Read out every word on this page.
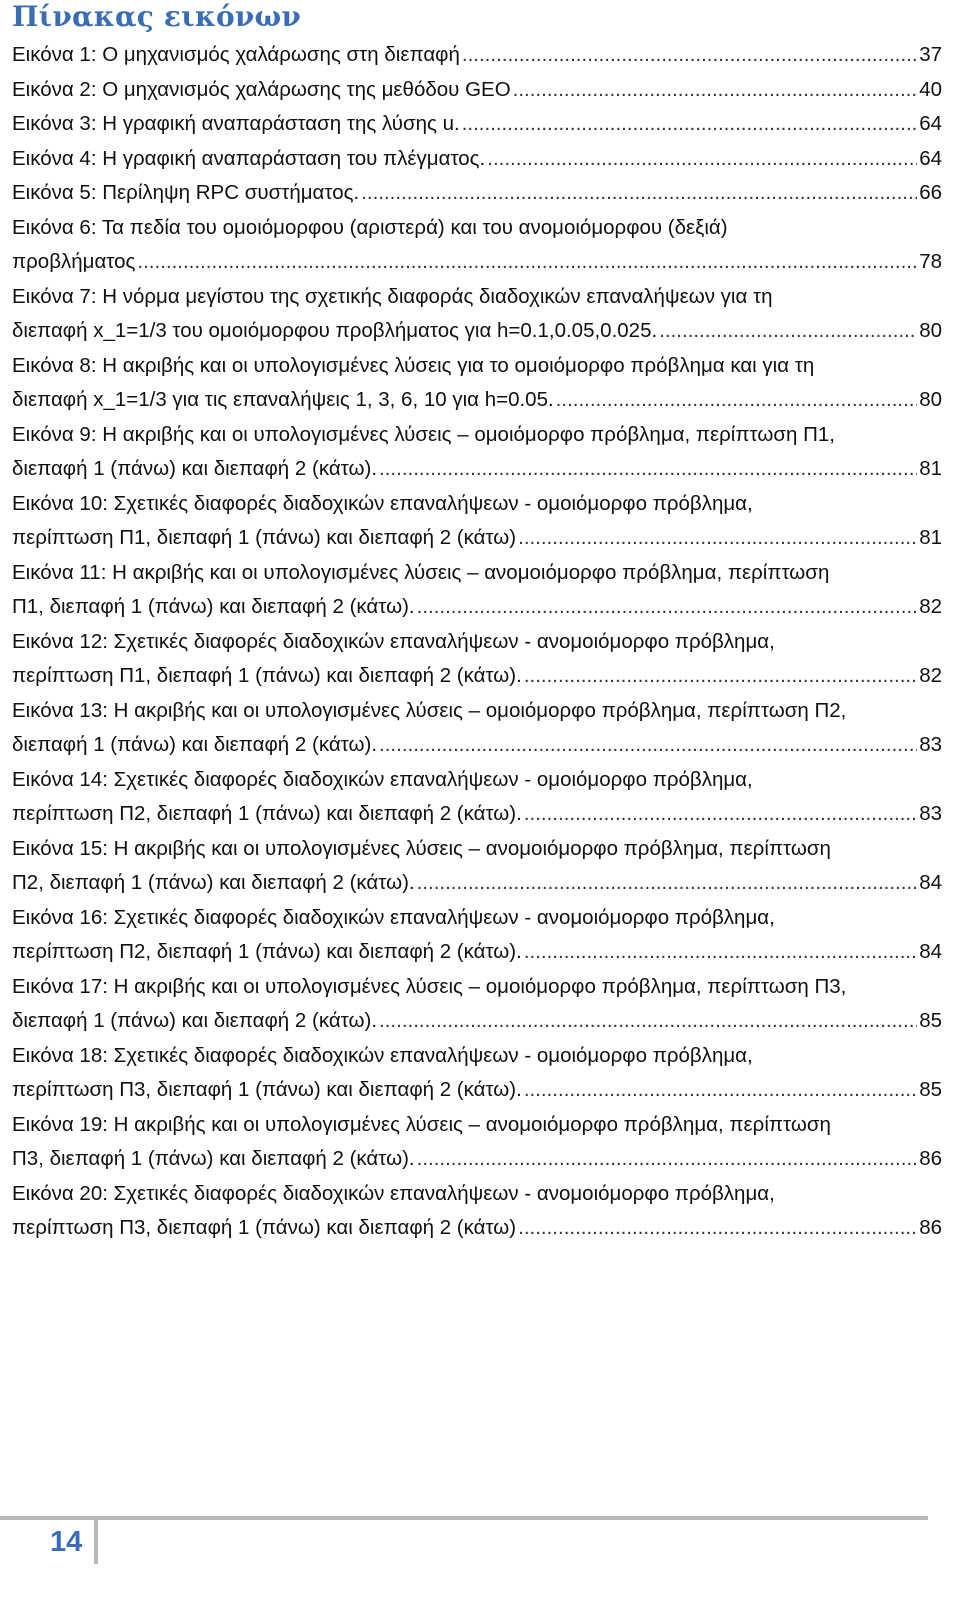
Πίνακας εικόνων
Εικόνα 1: Ο μηχανισμός χαλάρωσης στη διεπαφή .....	37
Εικόνα 2: Ο μηχανισμός χαλάρωσης της μεθόδου GEO .....	40
Εικόνα 3: Η γραφική αναπαράσταση της λύσης u. .....	64
Εικόνα 4: Η γραφική αναπαράσταση του πλέγματος. .....	64
Εικόνα 5: Περίληψη RPC συστήματος. .....	66
Εικόνα 6: Τα πεδία του ομοιόμορφου (αριστερά) και του ανομοιόμορφου (δεξιά)
προβλήματος .....	78
Εικόνα 7: Η νόρμα μεγίστου της σχετικής διαφοράς διαδοχικών επαναλήψεων για τη
διεπαφή x_1=1/3 του ομοιόμορφου προβλήματος για h=0.1,0.05,0.025. .....	80
Εικόνα 8: Η ακριβής και οι υπολογισμένες λύσεις για το ομοιόμορφο πρόβλημα και για τη
διεπαφή x_1=1/3 για τις επαναλήψεις 1, 3, 6, 10 για h=0.05. .....	80
Εικόνα 9: Η ακριβής και οι υπολογισμένες λύσεις – ομοιόμορφο πρόβλημα, περίπτωση Π1,
διεπαφή 1 (πάνω) και διεπαφή 2 (κάτω). .....	81
Εικόνα 10: Σχετικές διαφορές διαδοχικών επαναλήψεων - ομοιόμορφο πρόβλημα,
περίπτωση Π1, διεπαφή 1 (πάνω) και διεπαφή 2 (κάτω) .....	81
Εικόνα 11: Η ακριβής και οι υπολογισμένες λύσεις – ανομοιόμορφο πρόβλημα, περίπτωση
Π1, διεπαφή 1 (πάνω) και διεπαφή 2 (κάτω). .....	82
Εικόνα 12: Σχετικές διαφορές διαδοχικών επαναλήψεων - ανομοιόμορφο πρόβλημα,
περίπτωση Π1, διεπαφή 1 (πάνω) και διεπαφή 2 (κάτω). .....	82
Εικόνα 13: Η ακριβής και οι υπολογισμένες λύσεις – ομοιόμορφο πρόβλημα, περίπτωση Π2,
διεπαφή 1 (πάνω) και διεπαφή 2 (κάτω). .....	83
Εικόνα 14: Σχετικές διαφορές διαδοχικών επαναλήψεων - ομοιόμορφο πρόβλημα,
περίπτωση Π2, διεπαφή 1 (πάνω) και διεπαφή 2 (κάτω). .....	83
Εικόνα 15: Η ακριβής και οι υπολογισμένες λύσεις – ανομοιόμορφο πρόβλημα, περίπτωση
Π2, διεπαφή 1 (πάνω) και διεπαφή 2 (κάτω). .....	84
Εικόνα 16: Σχετικές διαφορές διαδοχικών επαναλήψεων - ανομοιόμορφο πρόβλημα,
περίπτωση Π2, διεπαφή 1 (πάνω) και διεπαφή 2 (κάτω). .....	84
Εικόνα 17: Η ακριβής και οι υπολογισμένες λύσεις – ομοιόμορφο πρόβλημα, περίπτωση Π3,
διεπαφή 1 (πάνω) και διεπαφή 2 (κάτω). .....	85
Εικόνα 18: Σχετικές διαφορές διαδοχικών επαναλήψεων - ομοιόμορφο πρόβλημα,
περίπτωση Π3, διεπαφή 1 (πάνω) και διεπαφή 2 (κάτω). .....	85
Εικόνα 19: Η ακριβής και οι υπολογισμένες λύσεις – ανομοιόμορφο πρόβλημα, περίπτωση
Π3, διεπαφή 1 (πάνω) και διεπαφή 2 (κάτω). .....	86
Εικόνα 20: Σχετικές διαφορές διαδοχικών επαναλήψεων - ανομοιόμορφο πρόβλημα,
περίπτωση Π3, διεπαφή 1 (πάνω) και διεπαφή 2 (κάτω) .....	86
14
